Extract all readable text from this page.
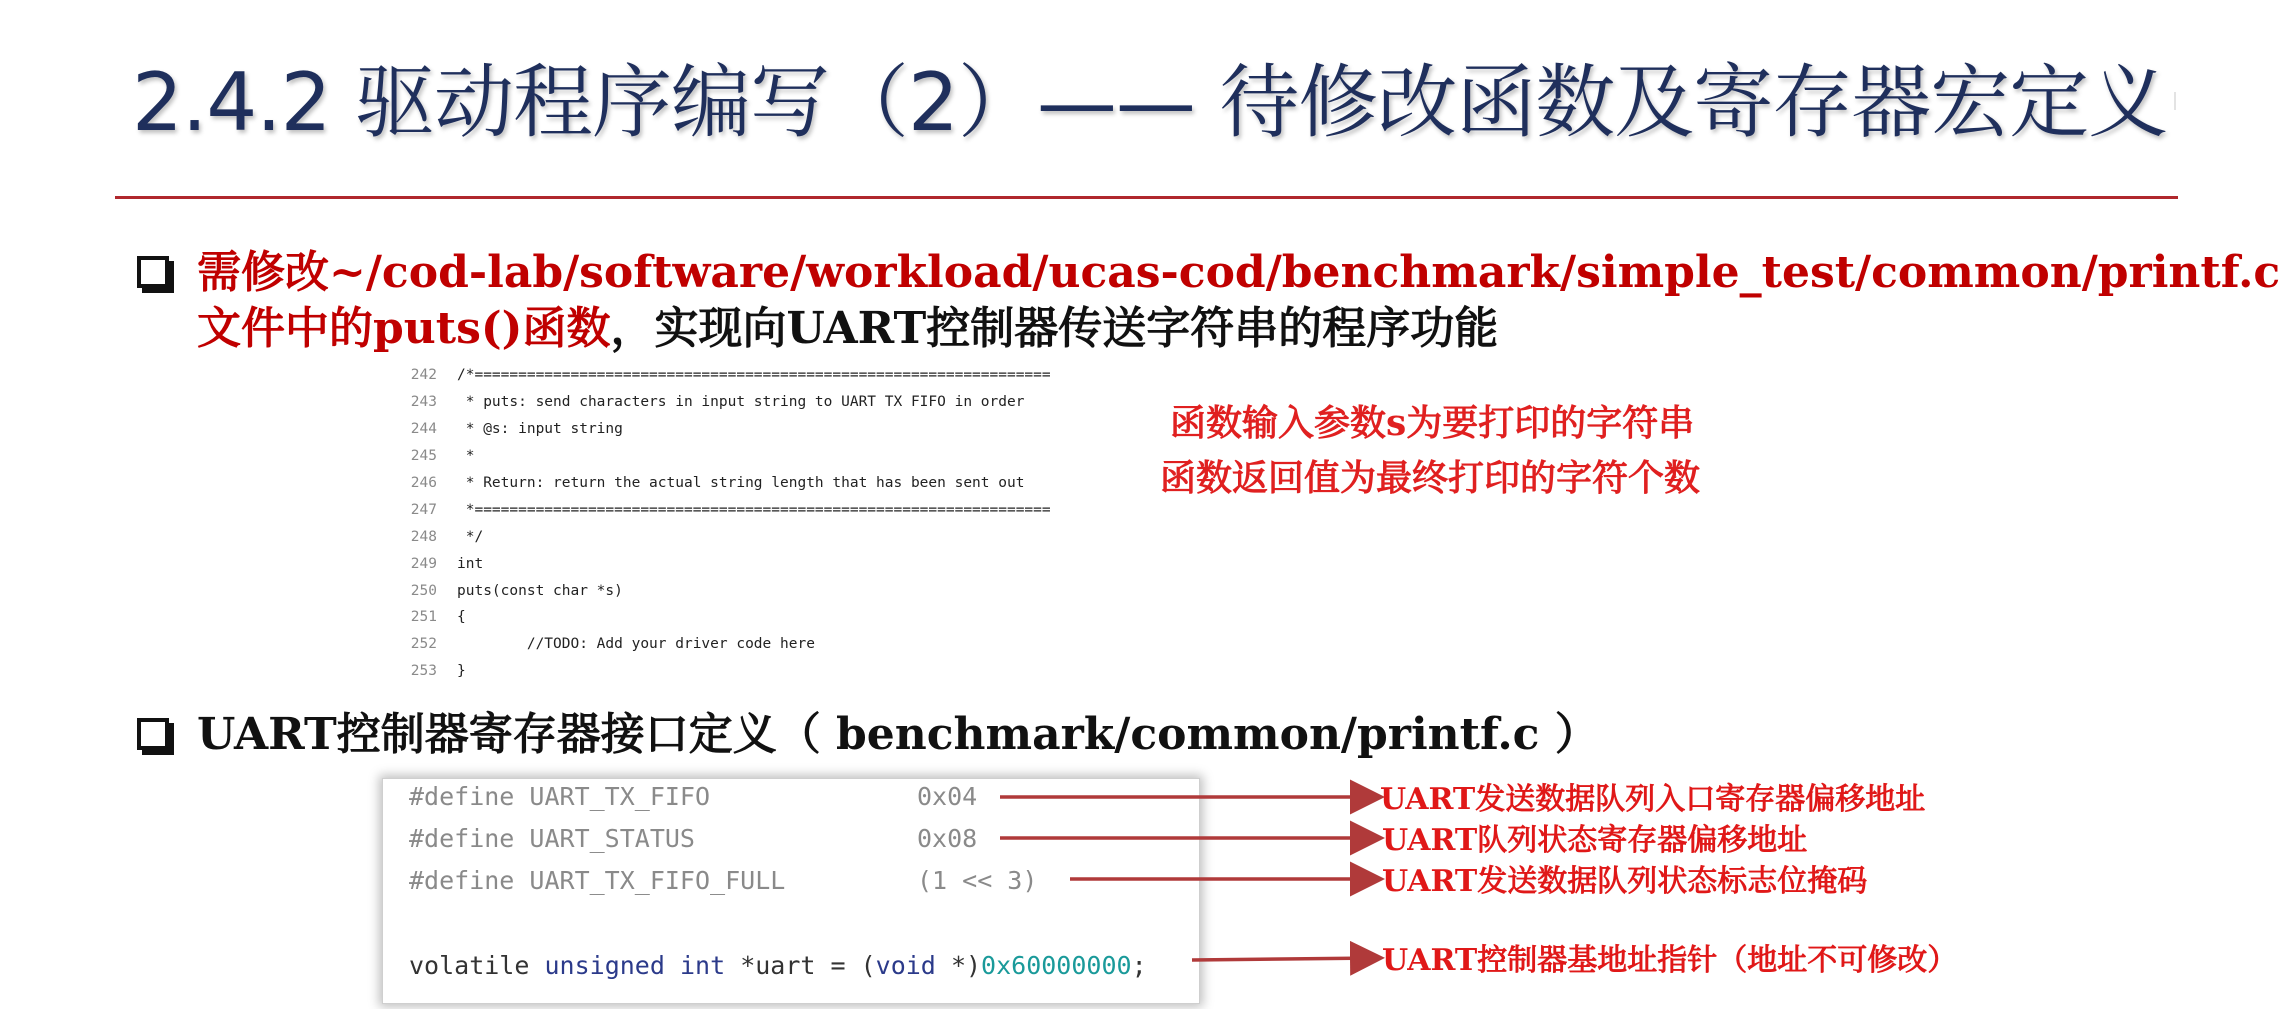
2.4.2 驱动程序编写（2）—— 待修改函数及寄存器宏定义
需修改~/cod-lab/software/workload/ucas-cod/benchmark/simple_test/common/printf.c
文件中的puts()函数，实现向UART控制器传送字符串的程序功能
242 /*==================================================================
243 * puts: send characters in input string to UART TX FIFO in order
244 * @s: input string
245 *
246 * Return: return the actual string length that has been sent out
247 *==================================================================
248 */
249 int
250 puts(const char *s)
251 {
252 //TODO: Add your driver code here
253 }
函数输入参数s为要打印的字符串
函数返回值为最终打印的字符个数
UART控制器寄存器接口定义（ benchmark/common/printf.c ）
#define UART_TX_FIFO	0x04
#define UART_STATUS	0x08
#define UART_TX_FIFO_FULL	(1 << 3)
volatile unsigned int *uart = (void *)0x60000000;
UART发送数据队列入口寄存器偏移地址
UART队列状态寄存器偏移地址
UART发送数据队列状态标志位掩码
UART控制器基地址指针（地址不可修改）
